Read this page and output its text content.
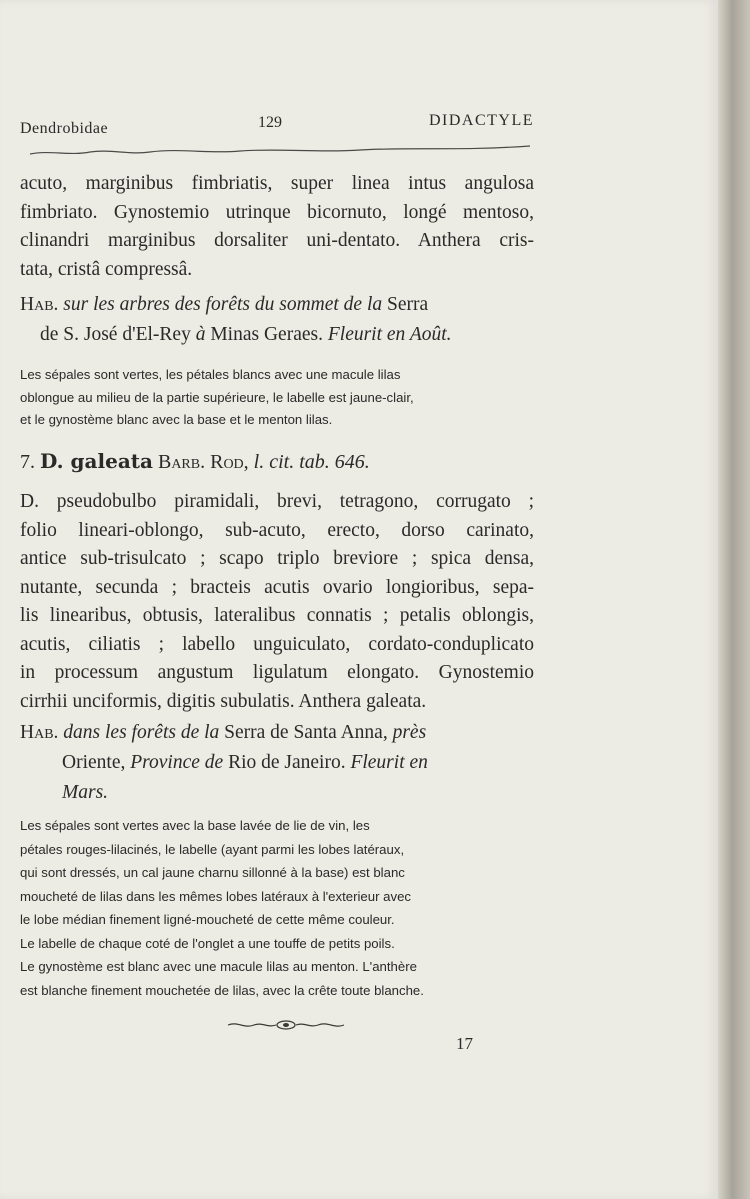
Dendrobidae	129	DIDACTYLE
acuto, marginibus fimbriatis, super linea intus angulosa
fimbriato. Gynostemio utrinque bicornuto, longé mentoso,
clinandri marginibus dorsaliter uni-dentato. Anthera cris-
tata, cristâ compressâ.
Hab. sur les arbres des forêts du sommet de la Serra
de S. José d'El-Rey à Minas Geraes. Fleurit en Août.
Les sépales sont vertes, les pétales blancs avec une macule lilas
oblongue au milieu de la partie supérieure, le labelle est jaune-clair,
et le gynostème blanc avec la base et le menton lilas.
7. D. galeata Barb. Rod, l. cit. tab. 646.
D. pseudobulbo piramidali, brevi, tetragono, corrugato ;
folio lineari-oblongo, sub-acuto, erecto, dorso carinato,
antice sub-trisulcato ; scapo triplo breviore ; spica densa,
nutante, secunda ; bracteis acutis ovario longioribus, sepa-
lis linearibus, obtusis, lateralibus connatis ; petalis oblongis,
acutis, ciliatis ; labello unguiculato, cordato-conduplicato
in processum angustum ligulatum elongato. Gynostemio
cirrhii unciformis, digitis subulatis. Anthera galeata.
Hab. dans les forêts de la Serra de Santa Anna, près
Oriente, Province de Rio de Janeiro. Fleurit en
Mars.
Les sépales sont vertes avec la base lavée de lie de vin, les
pétales rouges-lilacinés, le labelle (ayant parmi les lobes latéraux,
qui sont dressés, un cal jaune charnu sillonné à la base) est blanc
moucheté de lilas dans les mêmes lobes latéraux à l'exterieur avec
le lobe médian finement ligné-moucheté de cette même couleur.
Le labelle de chaque coté de l'onglet a une touffe de petits poils.
Le gynostème est blanc avec une macule lilas au menton. L'anthère
est blanche finement mouchetée de lilas, avec la crête toute blanche.
17
